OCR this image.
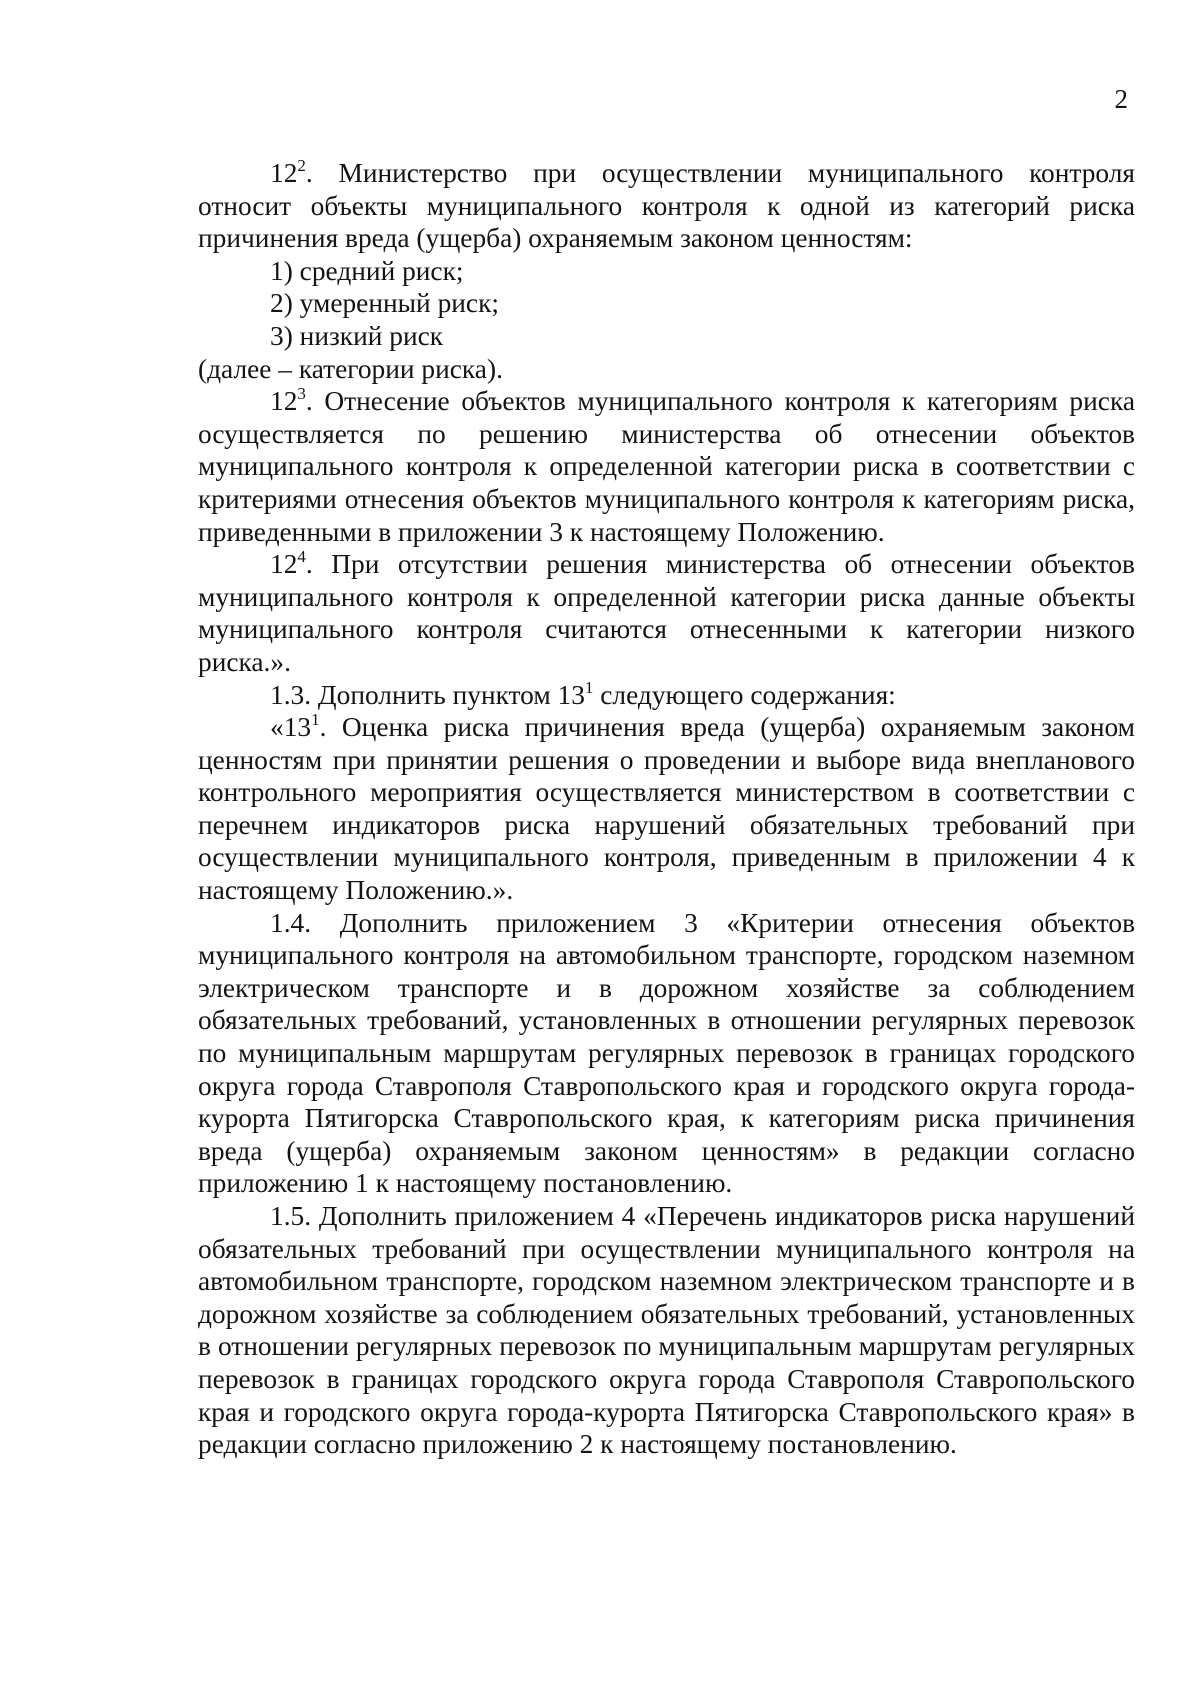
2

$12^2$. Министерство при осуществлении муниципального контроля относит объекты муниципального контроля к одной из категорий риска причинения вреда (ущерба) охраняемым законом ценностям:

1) средний риск;

2) умеренный риск;

3) низкий риск

(далее – категории риска).

$12^3$. Отнесение объектов муниципального контроля к категориям риска осуществляется по решению министерства об отнесении объектов муниципального контроля к определенной категории риска в соответствии с критериями отнесения объектов муниципального контроля к категориям риска, приведенными в приложении 3 к настоящему Положению.

$12^4$. При отсутствии решения министерства об отнесении объектов муниципального контроля к определенной категории риска данные объекты муниципального контроля считаются отнесенными к категории низкого риска.».

1.3. Дополнить пунктом $13^1$ следующего содержания:

«$13^1$. Оценка риска причинения вреда (ущерба) охраняемым законом ценностям при принятии решения о проведении и выборе вида внепланового контрольного мероприятия осуществляется министерством в соответствии с перечнем индикаторов риска нарушений обязательных требований при осуществлении муниципального контроля, приведенным в приложении 4 к настоящему Положению.».

1.4. Дополнить приложением 3 «Критерии отнесения объектов муниципального контроля на автомобильном транспорте, городском наземном электрическом транспорте и в дорожном хозяйстве за соблюдением обязательных требований, установленных в отношении регулярных перевозок по муниципальным маршрутам регулярных перевозок в границах городского округа города Ставрополя Ставропольского края и городского округа города-курорта Пятигорска Ставропольского края, к категориям риска причинения вреда (ущерба) охраняемым законом ценностям» в редакции согласно приложению 1 к настоящему постановлению.

1.5. Дополнить приложением 4 «Перечень индикаторов риска нарушений обязательных требований при осуществлении муниципального контроля на автомобильном транспорте, городском наземном электрическом транспорте и в дорожном хозяйстве за соблюдением обязательных требований, установленных в отношении регулярных перевозок по муниципальным маршрутам регулярных перевозок в границах городского округа города Ставрополя Ставропольского края и городского округа города-курорта Пятигорска Ставропольского края» в редакции согласно приложению 2 к настоящему постановлению.
